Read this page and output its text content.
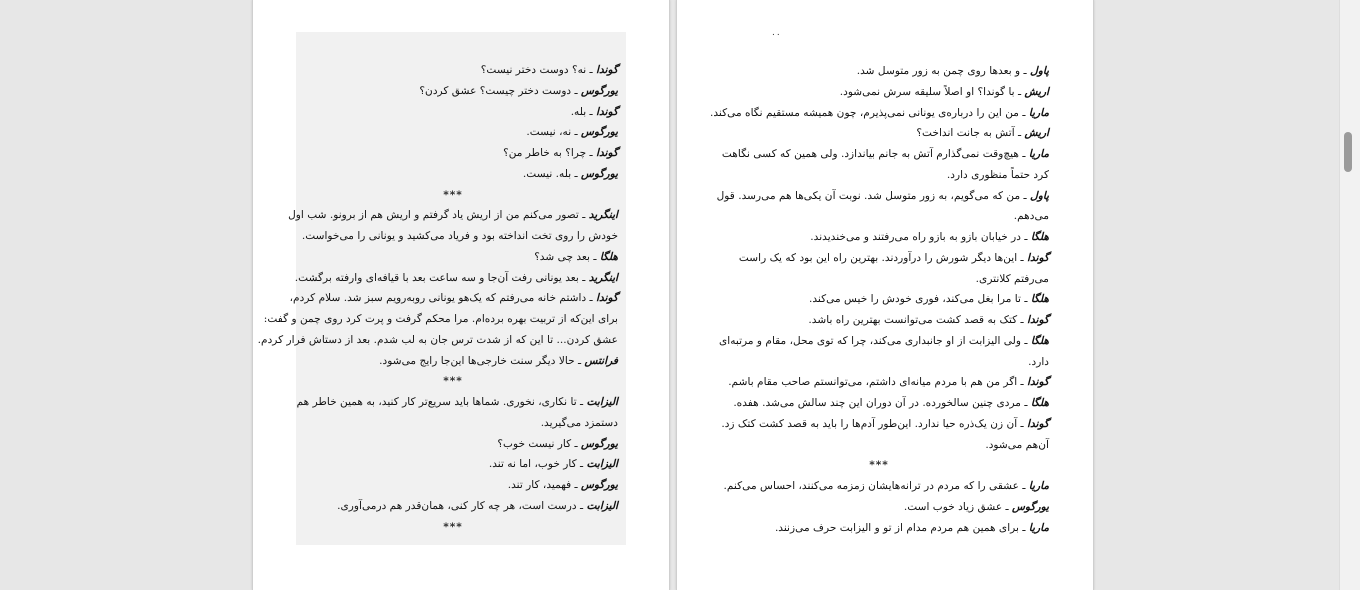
گوندا ـ نه؟ دوست دختر نیست؟
یورگوس ـ دوست دختر چیست؟ عشق کردن؟
گوندا ـ بله.
یورگوس ـ نه، نیست.
گوندا ـ چرا؟ به خاطر من؟
یورگوس ـ بله. نیست.
***
اینگرید ـ تصور می‌کنم من از اریش یاد گرفتم و اریش هم از برونو. شب اول
خودش را روی تخت انداخته بود و فریاد می‌کشید و یونانی را می‌خواست.
هلگا ـ بعد چی شد؟
اینگرید ـ بعد یونانی رفت آن‌جا و سه ساعت بعد با قیافه‌ای وارفته برگشت.
گوندا ـ داشتم خانه می‌رفتم که یک‌هو یونانی روبه‌رویم سبز شد. سلام کردم،
برای این‌که از تربیت بهره برده‌ام. مرا محکم گرفت و پرت کرد روی چمن و گفت:
عشق کردن... تا این که از شدت ترس جان به لب شدم. بعد از دستاش فرار کردم.
فرانتس ـ حالا دیگر سنت خارجی‌ها این‌جا رایج می‌شود.
***
الیزابت ـ تا نکاری، نخوری. شماها باید سریع‌تر کار کنید، به همین خاطر هم
دستمزد می‌گیرید.
یورگوس ـ کار نیست خوب؟
الیزابت ـ کار خوب، اما نه تند.
یورگوس ـ فهمید، کار تند.
الیزابت ـ درست است، هر چه کار کنی، همان‌قدر هم درمی‌آوری.
***
۰۰
پاول ـ و بعدها روی چمن به زور متوسل شد.
اریش ـ با گوندا؟ او اصلاً سلیقه سرش نمی‌شود.
ماریا ـ من این را درباره‌ی یونانی نمی‌پذیرم، چون همیشه مستقیم نگاه می‌کند.
اریش ـ آتش به جانت انداخت؟
ماریا ـ هیچ‌وقت نمی‌گذارم آتش به جانم بیاندازد. ولی همین که کسی نگاهت
کرد حتماً منظوری دارد.
پاول ـ من که می‌گویم، به زور متوسل شد. نوبت آن یکی‌ها هم می‌رسد. قول
می‌دهم.
هلگا ـ در خیابان بازو به بازو راه می‌رفتند و می‌خندیدند.
گوندا ـ این‌ها دیگر شورش را درآوردند. بهترین راه این بود که یک راست
می‌رفتم کلانتری.
هلگا ـ تا مرا بغل می‌کند، فوری خودش را خیس می‌کند.
گوندا ـ کتک به قصد کشت می‌توانست بهترین راه باشد.
هلگا ـ ولی الیزابت از او جانبداری می‌کند، چرا که توی محل، مقام و مرتبه‌ای
دارد.
گوندا ـ اگر من هم با مردم میانه‌ای داشتم، می‌توانستم صاحب مقام باشم.
هلگا ـ مردی چنین سالخورده. در آن دوران این چند سالش می‌شد. هفده.
گوندا ـ آن زن یک‌ذره حیا ندارد. این‌طور آدم‌ها را باید به قصد کشت کتک زد.
آن‌هم می‌شود.
***
ماریا ـ عشقی را که مردم در ترانه‌هایشان زمزمه می‌کنند، احساس می‌کنم.
یورگوس ـ عشق زیاد خوب است.
ماریا ـ برای همین هم مردم مدام از تو و الیزابت حرف می‌زنند.
